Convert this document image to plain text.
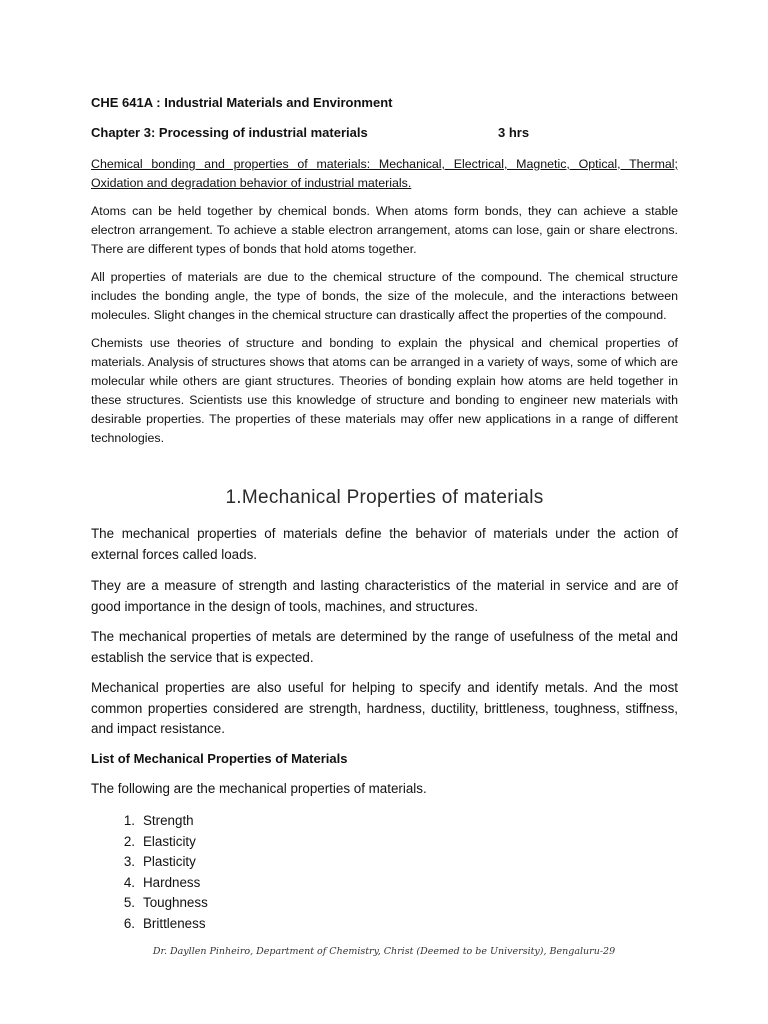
CHE 641A : Industrial Materials and Environment
Chapter 3: Processing of industrial materials	3 hrs
Chemical bonding and properties of materials: Mechanical, Electrical, Magnetic, Optical, Thermal; Oxidation and degradation behavior of industrial materials.

Atoms can be held together by chemical bonds. When atoms form bonds, they can achieve a stable electron arrangement. To achieve a stable electron arrangement, atoms can lose, gain or share electrons. There are different types of bonds that hold atoms together.

All properties of materials are due to the chemical structure of the compound. The chemical structure includes the bonding angle, the type of bonds, the size of the molecule, and the interactions between molecules. Slight changes in the chemical structure can drastically affect the properties of the compound.

Chemists use theories of structure and bonding to explain the physical and chemical properties of materials. Analysis of structures shows that atoms can be arranged in a variety of ways, some of which are molecular while others are giant structures. Theories of bonding explain how atoms are held together in these structures. Scientists use this knowledge of structure and bonding to engineer new materials with desirable properties. The properties of these materials may offer new applications in a range of different technologies.

1.Mechanical Properties of materials

The mechanical properties of materials define the behavior of materials under the action of external forces called loads.

They are a measure of strength and lasting characteristics of the material in service and are of good importance in the design of tools, machines, and structures.

The mechanical properties of metals are determined by the range of usefulness of the metal and establish the service that is expected.

Mechanical properties are also useful for helping to specify and identify metals. And the most common properties considered are strength, hardness, ductility, brittleness, toughness, stiffness, and impact resistance.

List of Mechanical Properties of Materials
The following are the mechanical properties of materials.
1. Strength
2. Elasticity
3. Plasticity
4. Hardness
5. Toughness
6. Brittleness
Dr. Dayllen Pinheiro, Department of Chemistry, Christ (Deemed to be University), Bengaluru-29
